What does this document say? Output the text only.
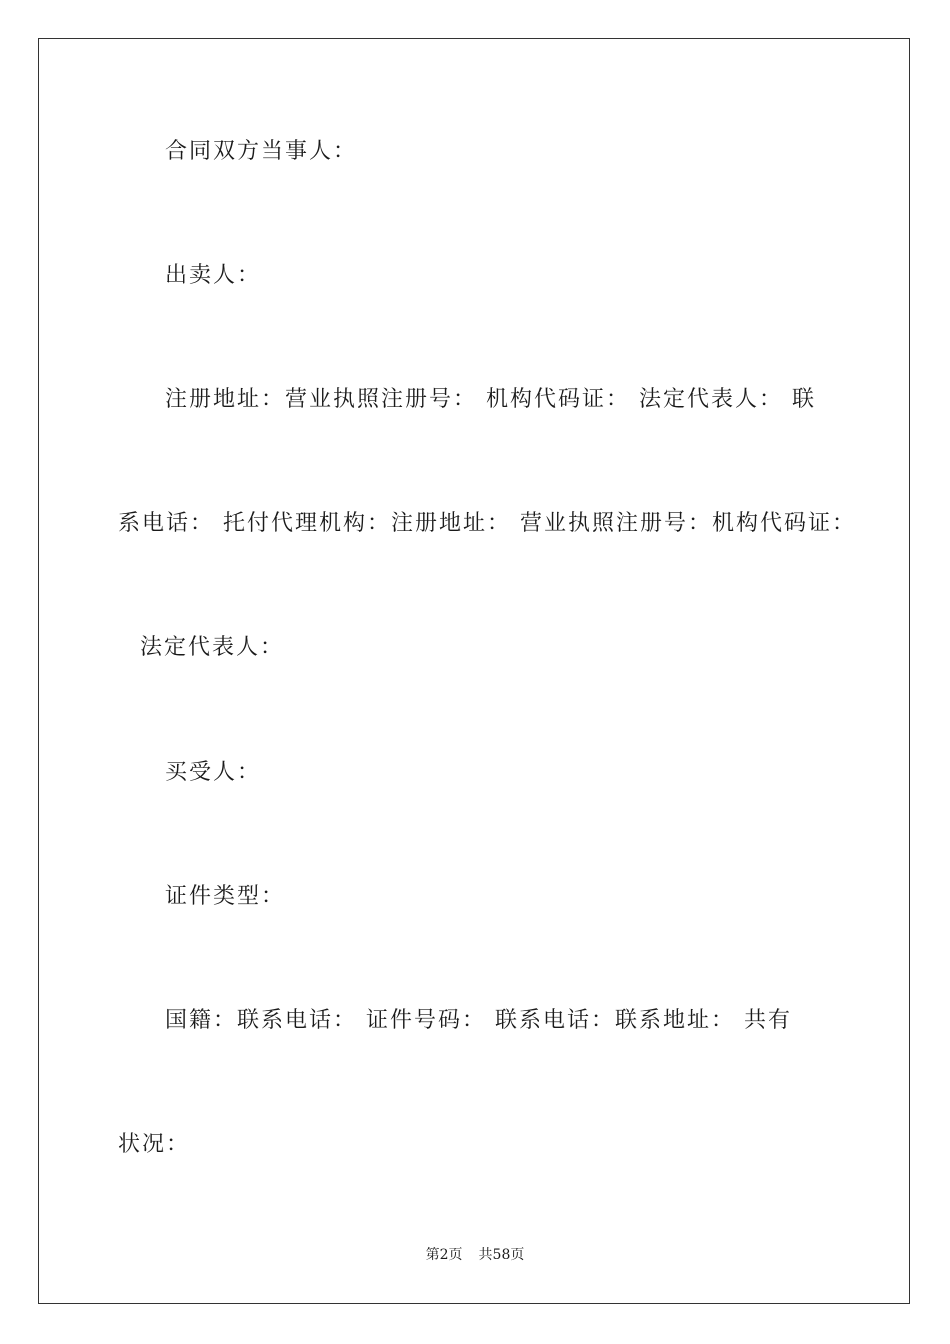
合同双方当事人：
出卖人：
注册地址：营业执照注册号： 机构代码证： 法定代表人： 联
系电话： 托付代理机构：注册地址： 营业执照注册号：机构代码证：
法定代表人：
买受人：
证件类型：
国籍：联系电话： 证件号码： 联系电话：联系地址： 共有
状况：
第2页 共58页
